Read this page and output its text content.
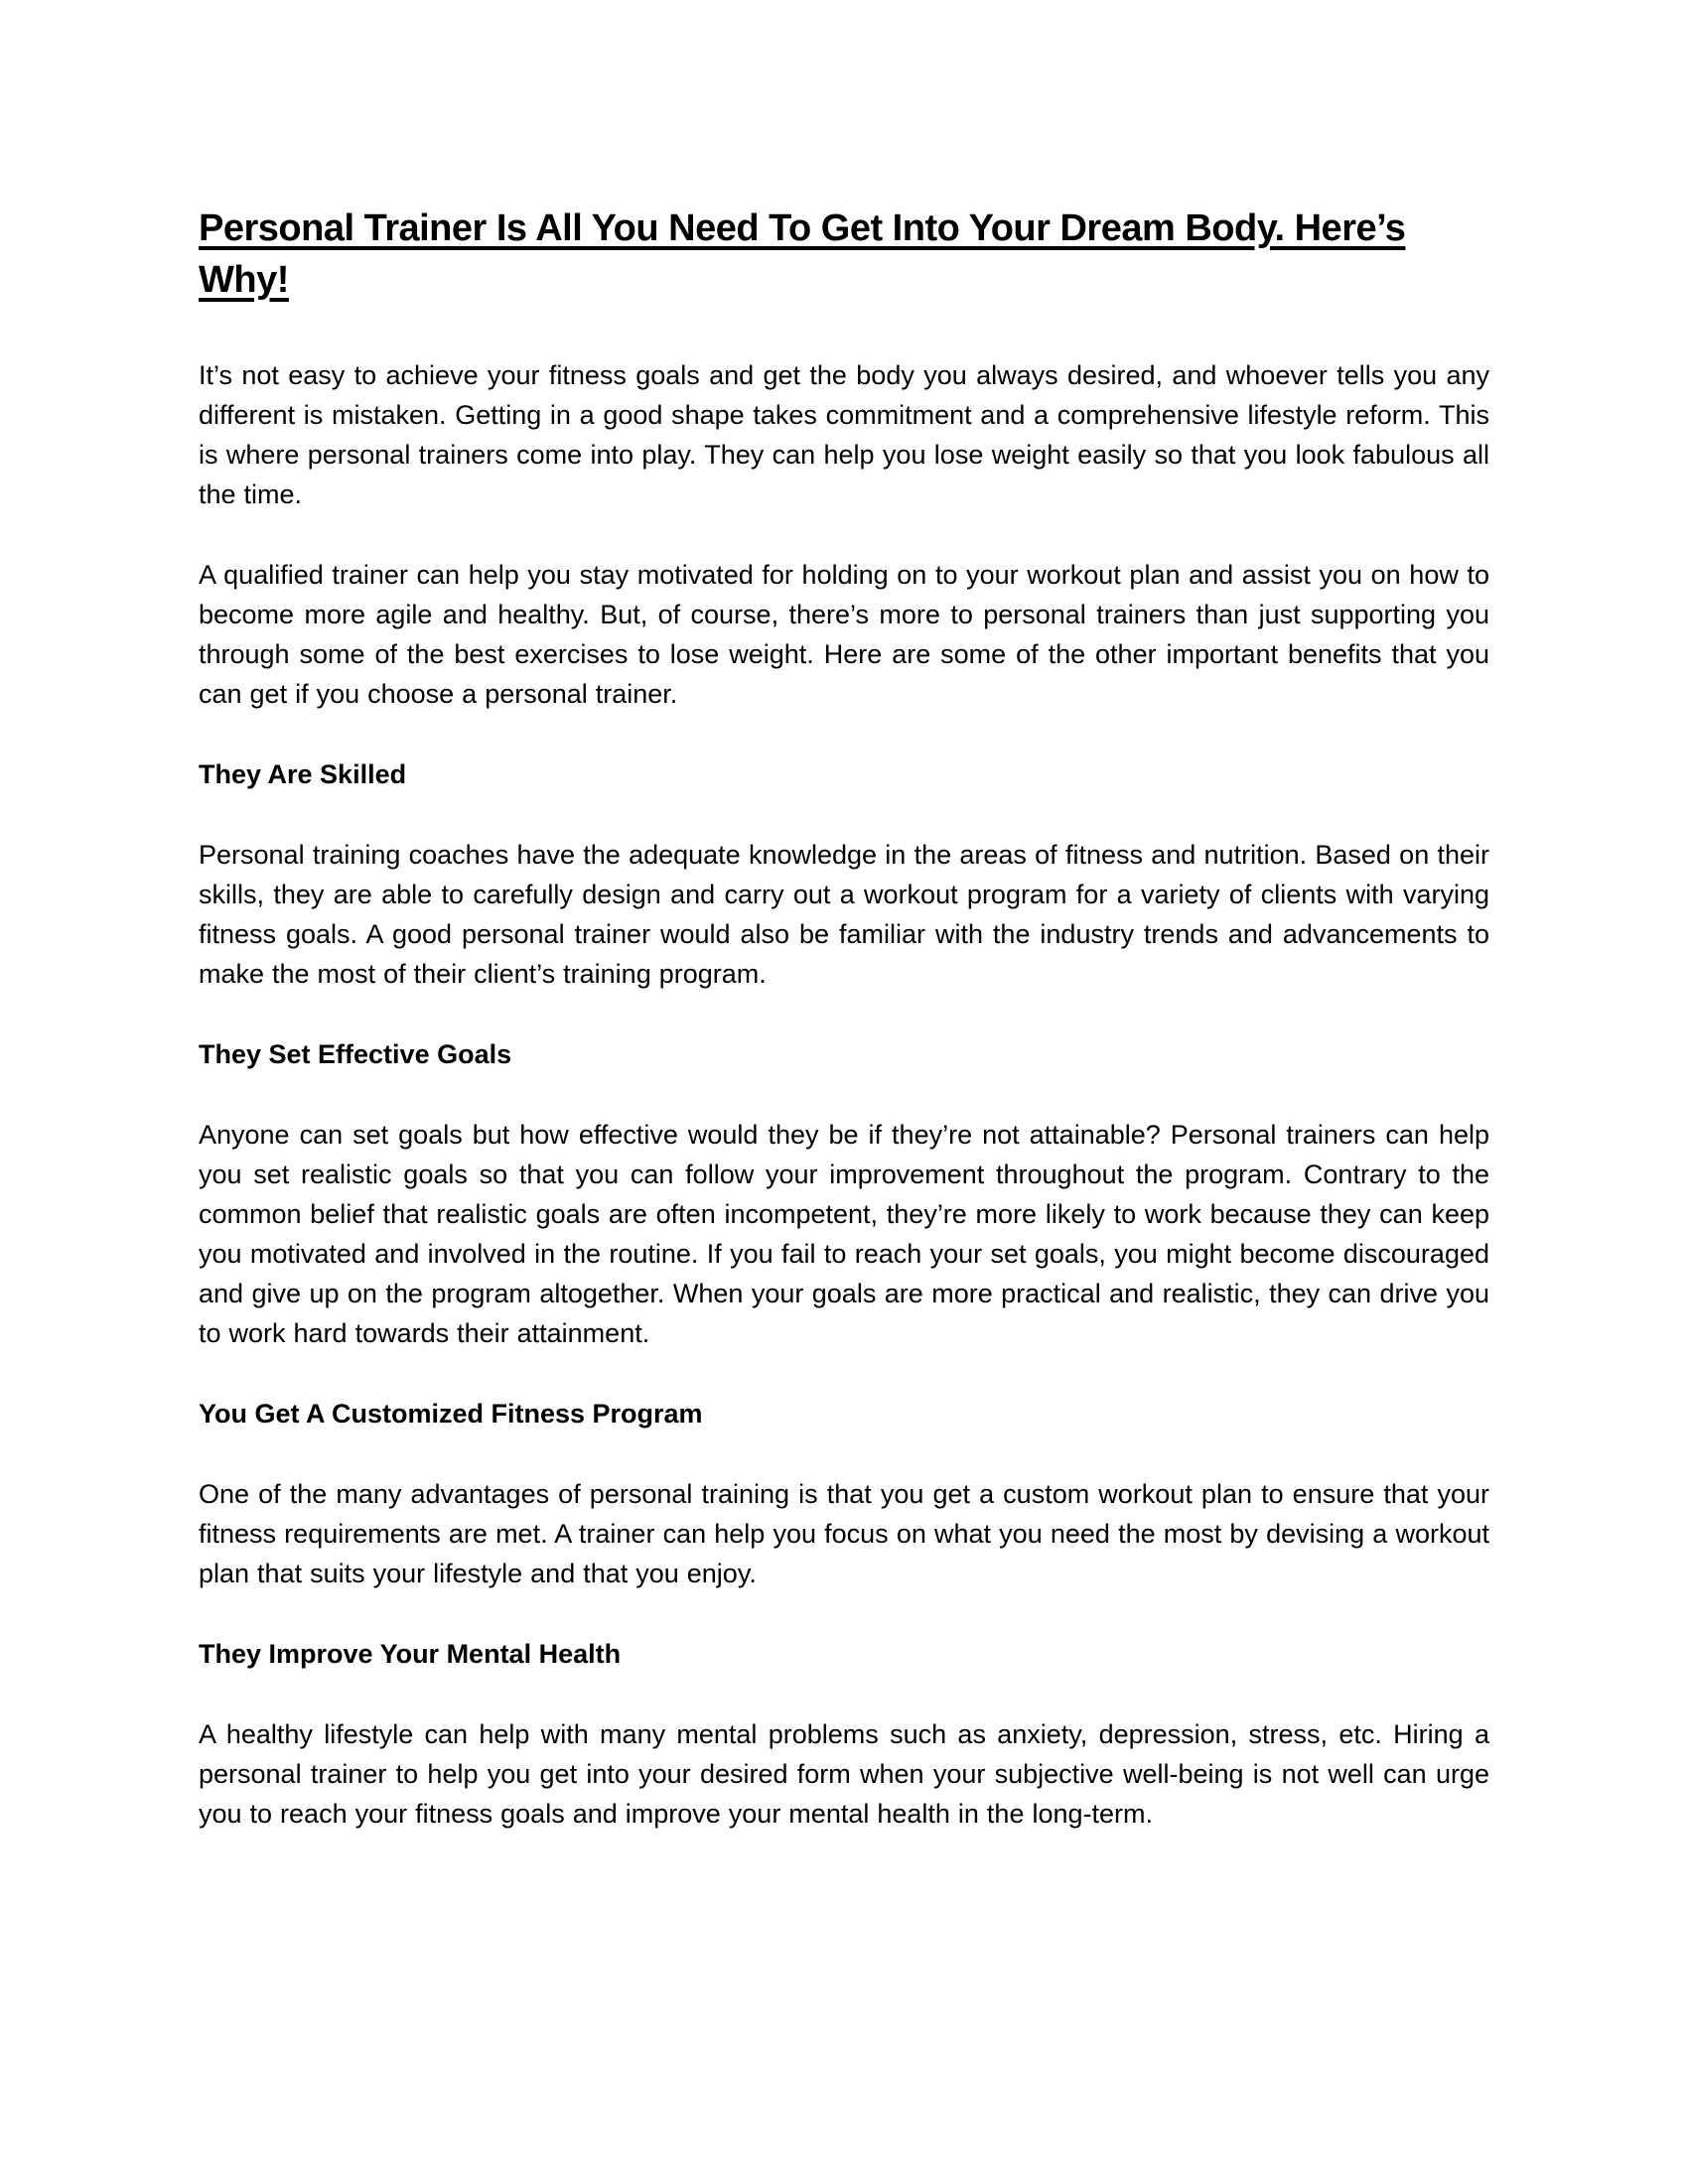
Personal Trainer Is All You Need To Get Into Your Dream Body. Here’s
Why!

It’s not easy to achieve your fitness goals and get the body you always desired, and whoever tells you any different is mistaken. Getting in a good shape takes commitment and a comprehensive lifestyle reform. This is where personal trainers come into play. They can help you lose weight easily so that you look fabulous all the time.

A qualified trainer can help you stay motivated for holding on to your workout plan and assist you on how to become more agile and healthy. But, of course, there’s more to personal trainers than just supporting you through some of the best exercises to lose weight. Here are some of the other important benefits that you can get if you choose a personal trainer.

They Are Skilled

Personal training coaches have the adequate knowledge in the areas of fitness and nutrition. Based on their skills, they are able to carefully design and carry out a workout program for a variety of clients with varying fitness goals. A good personal trainer would also be familiar with the industry trends and advancements to make the most of their client’s training program.

They Set Effective Goals

Anyone can set goals but how effective would they be if they’re not attainable? Personal trainers can help you set realistic goals so that you can follow your improvement throughout the program. Contrary to the common belief that realistic goals are often incompetent, they’re more likely to work because they can keep you motivated and involved in the routine. If you fail to reach your set goals, you might become discouraged and give up on the program altogether. When your goals are more practical and realistic, they can drive you to work hard towards their attainment.

You Get A Customized Fitness Program

One of the many advantages of personal training is that you get a custom workout plan to ensure that your fitness requirements are met. A trainer can help you focus on what you need the most by devising a workout plan that suits your lifestyle and that you enjoy.

They Improve Your Mental Health

A healthy lifestyle can help with many mental problems such as anxiety, depression, stress, etc. Hiring a personal trainer to help you get into your desired form when your subjective well-being is not well can urge you to reach your fitness goals and improve your mental health in the long-term.
